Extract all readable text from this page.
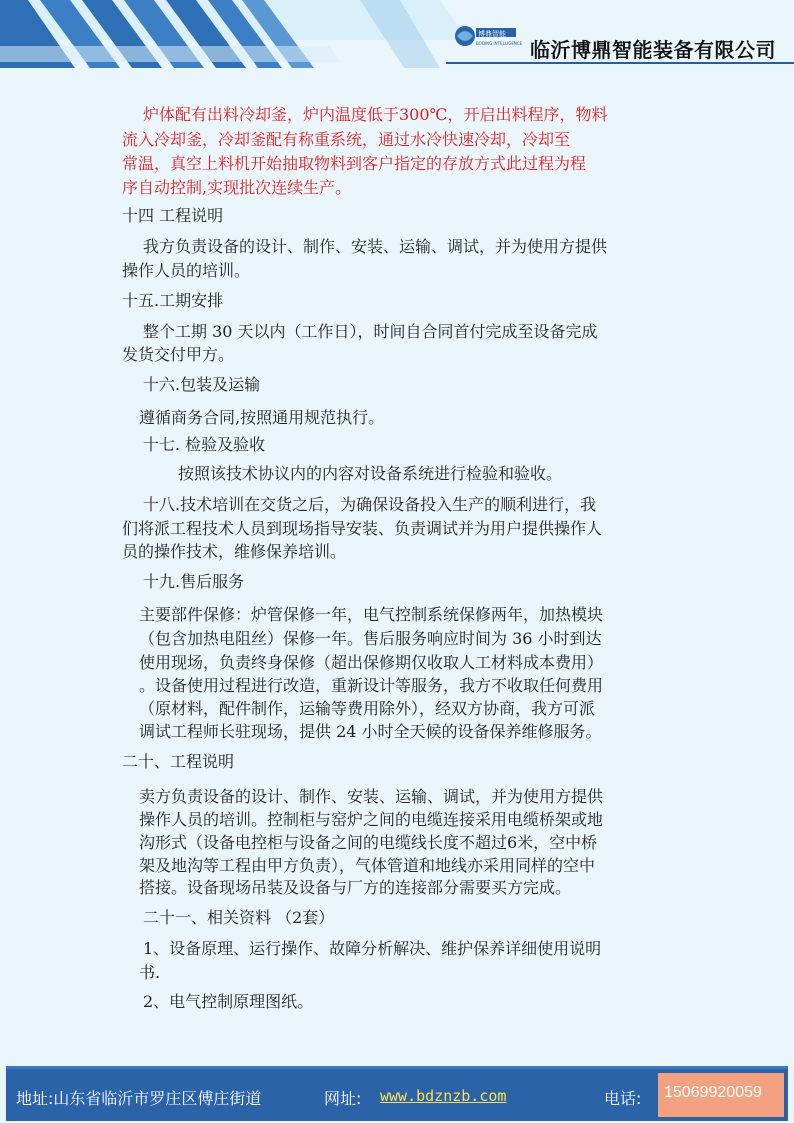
博鼎智能
BODING INTELLIGENCE 临沂博鼎智能装备有限公司
炉体配有出料冷却釜，炉内温度低于300℃，开启出料程序，物料
流入冷却釜，冷却釜配有称重系统，通过水冷快速冷却，冷却至
常温，真空上料机开始抽取物料到客户指定的存放方式此过程为程
序自动控制,实现批次连续生产。
十四 工程说明
我方负责设备的设计、制作、安装、运输、调试，并为使用方提供
操作人员的培训。
十五.工期安排
整个工期 30 天以内（工作日），时间自合同首付完成至设备完成
发货交付甲方。
十六.包装及运输
遵循商务合同,按照通用规范执行。
十七. 检验及验收
按照该技术协议内的内容对设备系统进行检验和验收。
十八.技术培训在交货之后，为确保设备投入生产的顺利进行，我
们将派工程技术人员到现场指导安装、负责调试并为用户提供操作人
员的操作技术，维修保养培训。
十九.售后服务
主要部件保修：炉管保修一年，电气控制系统保修两年，加热模块
（包含加热电阻丝）保修一年。售后服务响应时间为 36 小时到达
使用现场，负责终身保修（超出保修期仅收取人工材料成本费用）
。设备使用过程进行改造，重新设计等服务，我方不收取任何费用
（原材料，配件制作，运输等费用除外），经双方协商，我方可派
调试工程师长驻现场，提供 24 小时全天候的设备保养维修服务。
二十、工程说明
卖方负责设备的设计、制作、安装、运输、调试，并为使用方提供
操作人员的培训。控制柜与窑炉之间的电缆连接采用电缆桥架或地
沟形式（设备电控柜与设备之间的电缆线长度不超过6米，空中桥
架及地沟等工程由甲方负责），气体管道和地线亦采用同样的空中
搭接。设备现场吊装及设备与厂方的连接部分需要买方完成。
二十一、相关资料 （2套）
1、设备原理、运行操作、故障分析解决、维护保养详细使用说明
书.
2、电气控制原理图纸。
地址:山东省临沂市罗庄区傅庄街道	网址: www.bdznzb.com	电话: 15069920059
